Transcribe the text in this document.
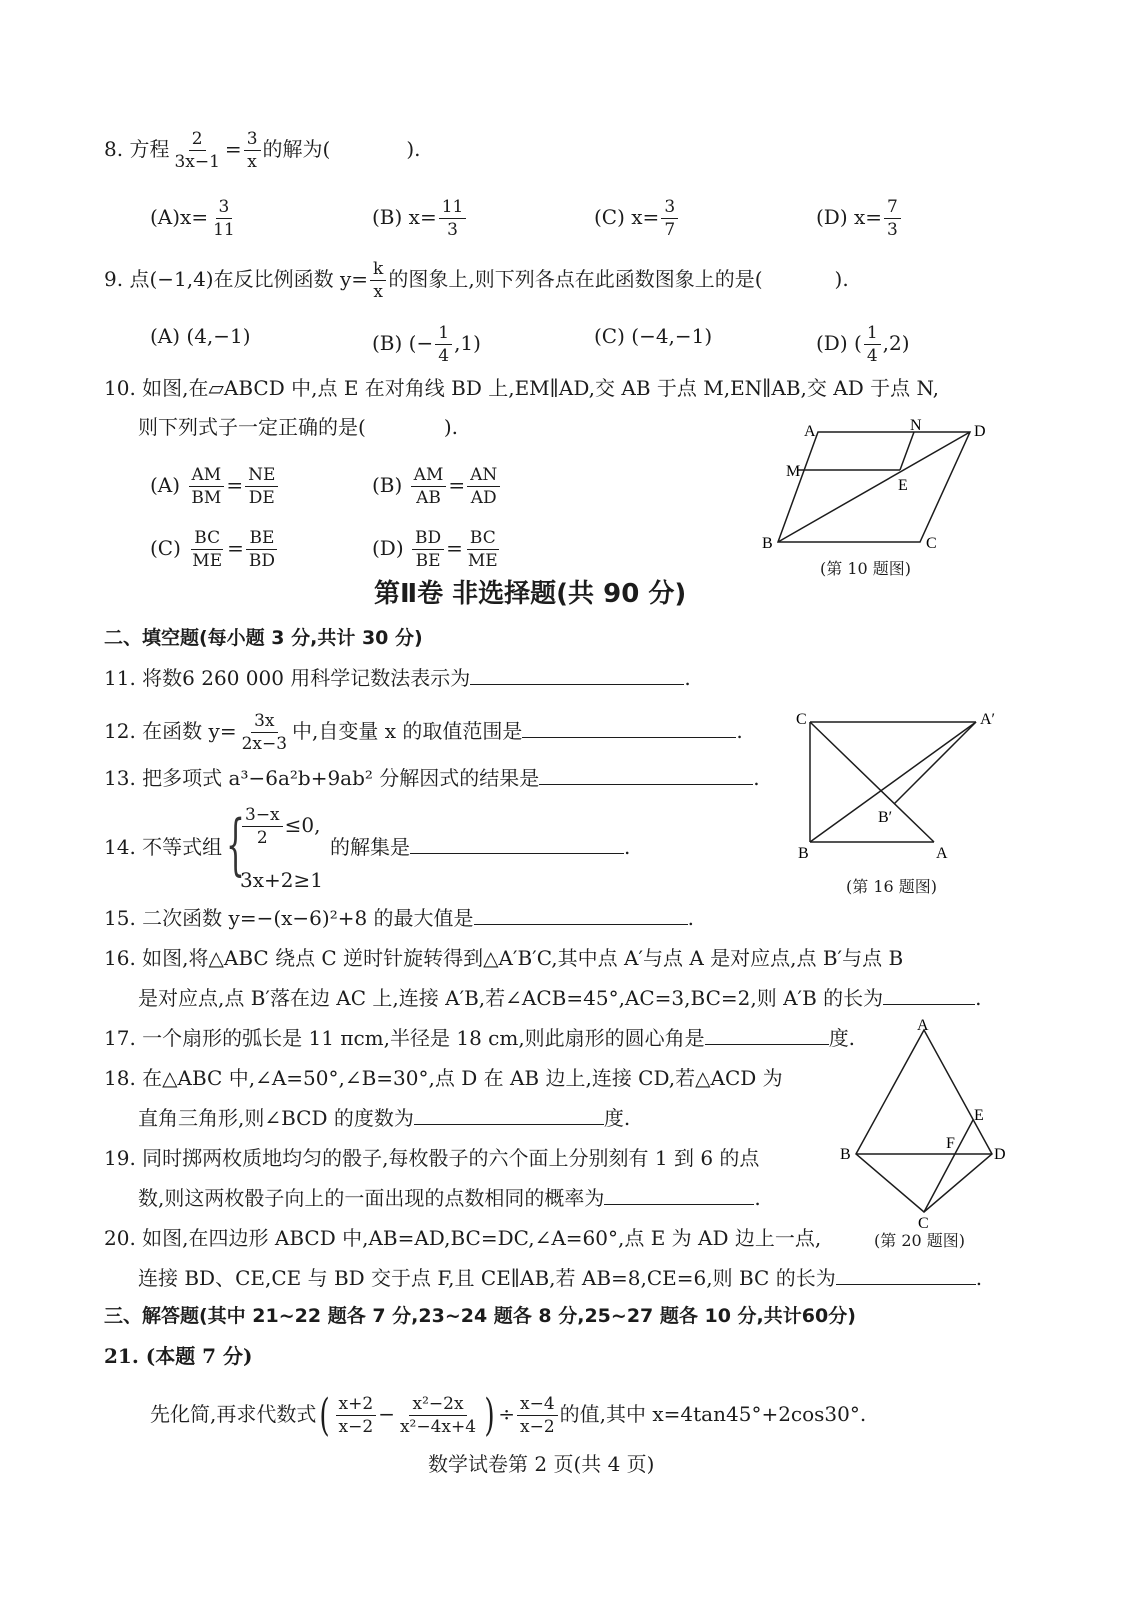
8. 方程 $\frac{2}{3x-1} = \frac{3}{x}$ 的解为(	).
$(A)x= \frac{3}{11}$	(B) $x= \frac{11}{3}$	(C) $x= \frac{3}{7}$	(D) $x= \frac{7}{3}$
9. 点(−1,4)在反比例函数 $y= \frac{k}{x}$ 的图象上,则下列各点在此函数图象上的是(	).
(A) (4,−1)	(B) (− $\frac{1}{4} ,1$)	(C) (−4,−1)	(D) ( $\frac{1}{4} ,2$)
10. 如图,在▱ABCD 中,点 E 在对角线 BD 上,EM∥AD,交 AB 于点 M,EN∥AB,交 AD 于点 N,
则下列式子一定正确的是(	).
$(A) \frac{AM}{BM} = \frac{NE}{DE}$	$(B) \frac{AM}{AB} = \frac{AN}{AD}$
$(C) \frac{BC}{ME} = \frac{BE}{BD}$	$(D) \frac{BD}{BE} = \frac{BC}{ME}$
A	N	D
M
E
B	C
(第 10 题图)
第Ⅱ卷 非选择题(共 90 分)
二、填空题(每小题 3 分,共计 30 分)
11. 将数6 260 000 用科学记数法表示为	.
12. 在函数 $y= \frac{3x}{2x-3}$ 中,自变量 x 的取值范围是	.
13. 把多项式 a³−6a²b+9ab² 分解因式的结果是	.
14. 不等式组 {
$\frac{3-x}{2} \le 0$,
3x+2≥1
的解集是	.
C	A′
B′
B	A
(第 16 题图)
15. 二次函数 y=−(x−6)²+8 的最大值是	.
16. 如图,将△ABC 绕点 C 逆时针旋转得到△A′B′C,其中点 A′与点 A 是对应点,点 B′与点 B
是对应点,点 B′落在边 AC 上,连接 A′B,若∠ACB=45°,AC=3,BC=2,则 A′B 的长为	.
17. 一个扇形的弧长是 11 πcm,半径是 18 cm,则此扇形的圆心角是	度.
18. 在△ABC 中,∠A=50°,∠B=30°,点 D 在 AB 边上,连接 CD,若△ACD 为
直角三角形,则∠BCD 的度数为	度.
19. 同时掷两枚质地均匀的骰子,每枚骰子的六个面上分别刻有 1 到 6 的点
数,则这两枚骰子向上的一面出现的点数相同的概率为	.
20. 如图,在四边形 ABCD 中,AB=AD,BC=DC,∠A=60°,点 E 为 AD 边上一点,
连接 BD、CE,CE 与 BD 交于点 F,且 CE∥AB,若 AB=8,CE=6,则 BC 的长为	.
A
E
B
F
D
C
(第 20 题图)
三、解答题(其中 21~22 题各 7 分,23~24 题各 8 分,25~27 题各 10 分,共计60分)
21. (本题 7 分)
先化简,再求代数式( $\frac{x+2}{x-2} - \frac{\text{x²−2x}}{\text{x²−4x+4}}$ ) ÷ $\frac{x-4}{x-2}$ 的值,其中 x=4tan45°+2cos30°.
数学试卷第 2 页(共 4 页)
